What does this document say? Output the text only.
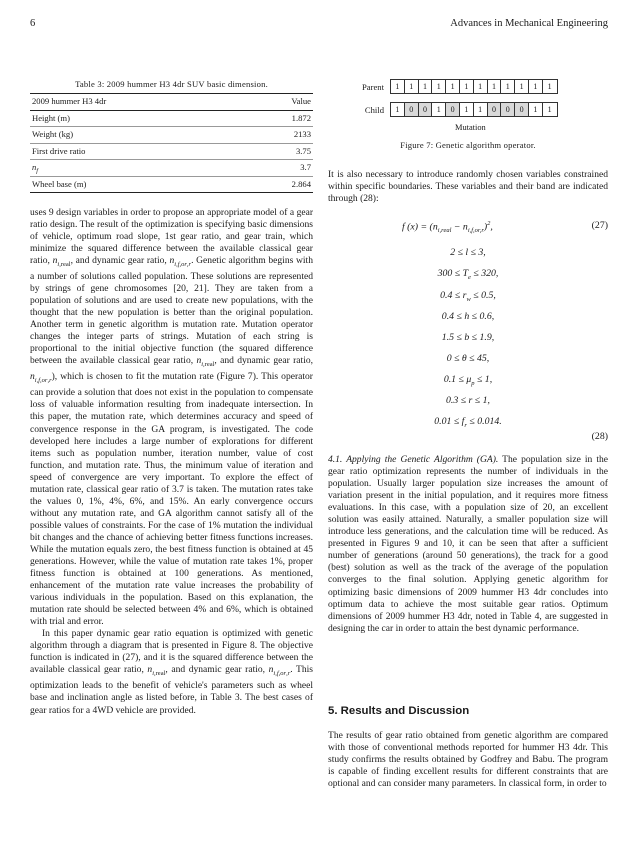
6	Advances in Mechanical Engineering
Table 3: 2009 hummer H3 4dr SUV basic dimension.
2009 hummer H3 4dr	Value
Height (m)	1.872
Weight (kg)	2133
First drive ratio	3.75
$n_f$	3.7
Wheel base (m)	2.864
Parent	1	1	1	1	1	1	1	1	1	1	1	1
Child	1	0	0	1	0	1	1	0	0	0	1	1
Mutation
Figure 7: Genetic algorithm operator.

uses 9 design variables in order to propose an appropriate model of a gear ratio design. The result of the optimization is specifying basic dimensions of vehicle, optimum road slope, 1st gear ratio, and gear train, which minimize the squared difference between the available classical gear ratio, $n_{i,real}$, and dynamic gear ratio, $n_{i,f,or,r}$. Genetic algorithm begins with a number of solutions called population. These solutions are represented by strings of gene chromosomes [20, 21]. They are taken from a population of solutions and are used to create new populations, with the thought that the new population is better than the original population. Another term in genetic algorithm is mutation rate. Mutation operator changes the integer parts of strings. Mutation of each string is proportional to the initial objective function (the squared difference between the available classical gear ratio, $n_{i,real}$, and dynamic gear ratio, $n_{i,f,or,r}$), which is chosen to fit the mutation rate (Figure 7). This operator can provide a solution that does not exist in the population to compensate loss of valuable information resulting from inadequate intersection. In this paper, the mutation rate, which determines accuracy and speed of convergence response in the GA program, is investigated. The code developed here includes a large number of explorations for different items such as population number, iteration number, value of cost function, and mutation rate. Thus, the minimum value of iteration and speed of convergence are very important. To explore the effect of mutation rate, classical gear ratio of 3.7 is taken. The mutation rates take the values 0, 1%, 4%, 6%, and 15%. An early convergence occurs without any mutation rate, and GA algorithm cannot satisfy all of the possible values of constraints. For the case of 1% mutation the individual bit changes and the chance of achieving better fitness functions increases. While the mutation equals zero, the best fitness function is obtained at 45 generations. However, while the value of mutation rate takes 1%, proper fitness function is obtained at 100 generations. As mentioned, enhancement of the mutation rate value increases the probability of various individuals in the population. Based on this explanation, the mutation rate should be selected between 4% and 6%, which is obtained with trial and error.

In this paper dynamic gear ratio equation is optimized with genetic algorithm through a diagram that is presented in Figure 8. The objective function is indicated in (27), and it is the squared difference between the available classical gear ratio, $n_{i,real}$, and dynamic gear ratio, $n_{i,f,or,r}$. This optimization leads to the benefit of vehicle's parameters such as wheel base and inclination angle as listed before, in Table 3. The best cases of gear ratios for a 4WD vehicle are provided.

It is also necessary to introduce randomly chosen variables constrained within specific boundaries. These variables and their band are indicated through (28):
f $(x) = (n_{i,real} - n_{i,f,or,r})^2$,	(27)
2 ≤ l ≤ 3,
$300 \le T_e \le 320$,
$0.4 \le r_w \le 0.5$,
0.4 ≤ h ≤ 0.6,
1.5 ≤ b ≤ 1.9,
0 ≤ θ ≤ 45,
$0.1 \le \mu_p \le 1$,
0.3 ≤ r ≤ 1,
$0.01 \le f_r \le 0.014$.
(28)
4.1. Applying the Genetic Algorithm (GA). The population size in the gear ratio optimization represents the number of individuals in the population. Usually larger population size increases the amount of variation present in the initial population, and it requires more fitness evaluations. In this case, with a population size of 20, an excellent solution was easily attained. Naturally, a smaller population size will introduce less generations, and the calculation time will be reduced. As presented in Figures 9 and 10, it can be seen that after a sufficient number of generations (around 50 generations), the track for a good (best) solution as well as the track of the average of the population converges to the final solution. Applying genetic algorithm for optimizing basic dimensions of 2009 hummer H3 4dr concludes into optimum data to achieve the most suitable gear ratios. Optimum dimensions of 2009 hummer H3 4dr, noted in Table 4, are suggested in designing the car in order to attain the best dynamic performance.
5. Results and Discussion
The results of gear ratio obtained from genetic algorithm are compared with those of conventional methods reported for hummer H3 4dr. This study confirms the results obtained by Godfrey and Babu. The program is capable of finding excellent results for different constraints that are optional and can consider many parameters. In classical form, in order to
